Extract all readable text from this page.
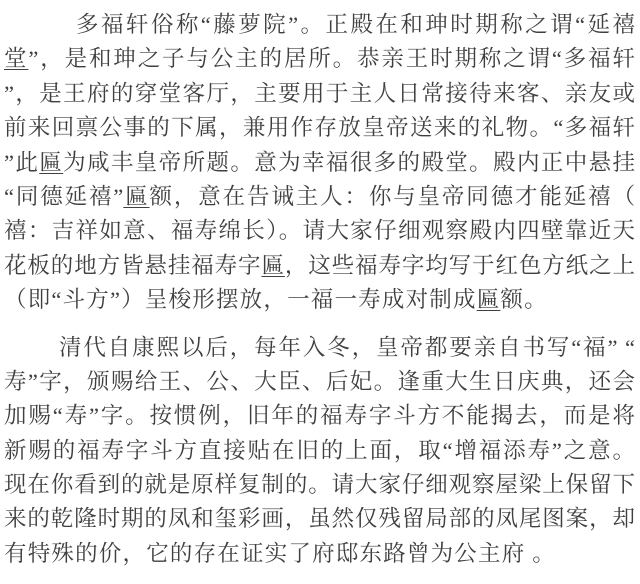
多福轩俗称“藤萝院”。正殿在和珅时期称之谓“延禧
堂”，是和珅之子与公主的居所。恭亲王时期称之谓“多福轩
”，是王府的穿堂客厅，主要用于主人日常接待来客、亲友或
前来回禀公事的下属，兼用作存放皇帝送来的礼物。“多福轩
”此匾为咸丰皇帝所题。意为幸福很多的殿堂。殿内正中悬挂
“同德延禧”匾额，意在告诫主人：你与皇帝同德才能延禧（
禧：吉祥如意、福寿绵长）。请大家仔细观察殿内四壁靠近天
花板的地方皆悬挂福寿字匾，这些福寿字均写于红色方纸之上
（即“斗方”）呈梭形摆放，一福一寿成对制成匾额。
清代自康熙以后，每年入冬，皇帝都要亲自书写“福” “
寿”字，颁赐给王、公、大臣、后妃。逢重大生日庆典，还会
加赐“寿”字。按惯例，旧年的福寿字斗方不能揭去，而是将
新赐的福寿字斗方直接贴在旧的上面，取“增福添寿”之意。
现在你看到的就是原样复制的。请大家仔细观察屋梁上保留下
来的乾隆时期的凤和玺彩画，虽然仅残留局部的凤尾图案，却
有特殊的价，它的存在证实了府邸东路曾为公主府 。
